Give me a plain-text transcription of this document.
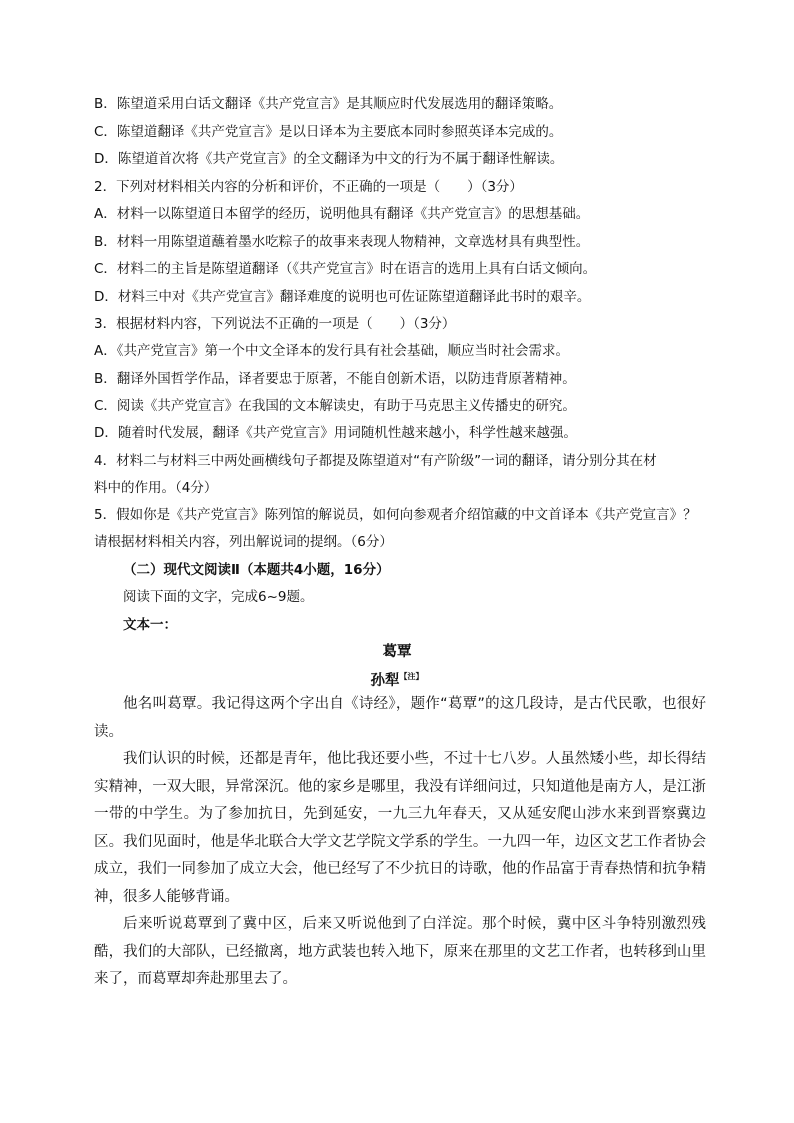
B．陈望道采用白话文翻译《共产党宣言》是其顺应时代发展选用的翻译策略。
C．陈望道翻译《共产党宣言》是以日译本为主要底本同时参照英译本完成的。
D．陈望道首次将《共产党宣言》的全文翻译为中文的行为不属于翻译性解读。
2．下列对材料相关内容的分析和评价，不正确的一项是（　　）（3分）
A．材料一以陈望道日本留学的经历，说明他具有翻译《共产党宣言》的思想基础。
B．材料一用陈望道蘸着墨水吃粽子的故事来表现人物精神，文章选材具有典型性。
C．材料二的主旨是陈望道翻译（《共产党宣言》时在语言的选用上具有白话文倾向。
D．材料三中对《共产党宣言》翻译难度的说明也可佐证陈望道翻译此书时的艰辛。
3．根据材料内容，下列说法不正确的一项是（　　）（3分）
A．《共产党宣言》第一个中文全译本的发行具有社会基础，顺应当时社会需求。
B．翻译外国哲学作品，译者要忠于原著，不能自创新术语，以防违背原著精神。
C．阅读《共产党宣言》在我国的文本解读史，有助于马克思主义传播史的研究。
D．随着时代发展，翻译《共产党宣言》用词随机性越来越小，科学性越来越强。
4．材料二与材料三中两处画横线句子都提及陈望道对“有产阶级”一词的翻译，请分别分其在材
料中的作用。（4分）
5．假如你是《共产党宣言》陈列馆的解说员，如何向参观者介绍馆藏的中文首译本《共产党宣言》？
请根据材料相关内容，列出解说词的提纲。（6分）
（二）现代文阅读Ⅱ（本题共4小题，16分）
阅读下面的文字，完成6~9题。
文本一：
葛覃
孙犁$^{【注】}$

他名叫葛覃。我记得这两个字出自《诗经》，题作“葛覃”的这几段诗，是古代民歌，也很好读。

我们认识的时候，还都是青年，他比我还要小些，不过十七八岁。人虽然矮小些，却长得结实精神，一双大眼，异常深沉。他的家乡是哪里，我没有详细问过，只知道他是南方人，是江浙一带的中学生。为了参加抗日，先到延安，一九三九年春天，又从延安爬山涉水来到晋察冀边区。我们见面时，他是华北联合大学文艺学院文学系的学生。一九四一年，边区文艺工作者协会成立，我们一同参加了成立大会，他已经写了不少抗日的诗歌，他的作品富于青春热情和抗争精神，很多人能够背诵。

后来听说葛覃到了冀中区，后来又听说他到了白洋淀。那个时候，冀中区斗争特别激烈残酷，我们的大部队，已经撤离，地方武装也转入地下，原来在那里的文艺工作者，也转移到山里来了，而葛覃却奔赴那里去了。
